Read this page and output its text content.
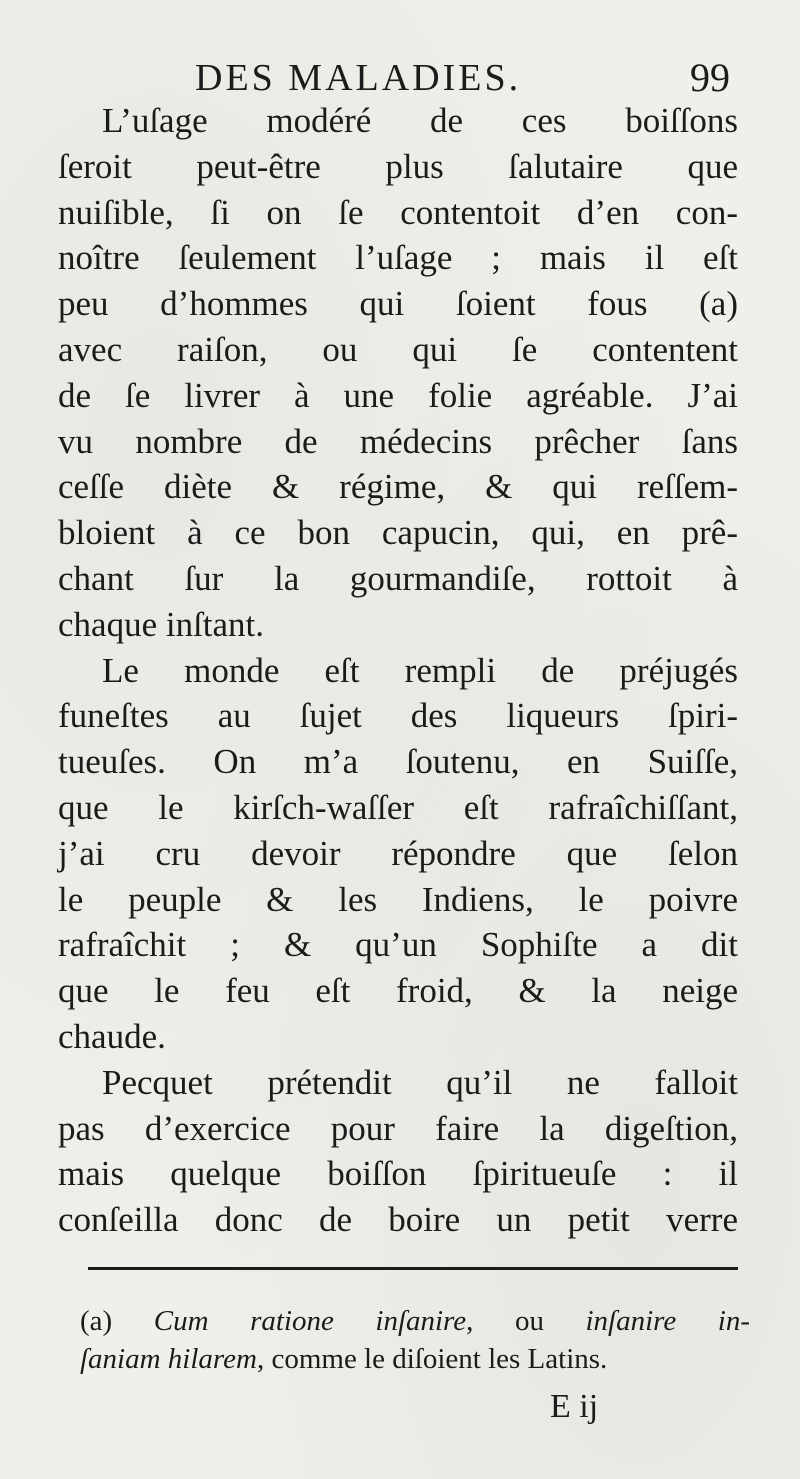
DES MALADIES.	99
L’uſage modéré de ces boiſſons
ſeroit peut-être plus ſalutaire que
nuiſible, ſi on ſe contentoit d’en con-
noître ſeulement l’uſage ; mais il eſt
peu d’hommes qui ſoient fous (a)
avec raiſon, ou qui ſe contentent
de ſe livrer à une folie agréable. J’ai
vu nombre de médecins prêcher ſans
ceſſe diète & régime, & qui reſſem-
bloient à ce bon capucin, qui, en prê-
chant ſur la gourmandiſe, rottoit à
chaque inſtant.
Le monde eſt rempli de préjugés
funeſtes au ſujet des liqueurs ſpiri-
tueuſes. On m’a ſoutenu, en Suiſſe,
que le kirſch-waſſer eſt rafraîchiſſant,
j’ai cru devoir répondre que ſelon
le peuple & les Indiens, le poivre
rafraîchit ; & qu’un Sophiſte a dit
que le feu eſt froid, & la neige
chaude.
Pecquet prétendit qu’il ne falloit
pas d’exercice pour faire la digeſtion,
mais quelque boiſſon ſpiritueuſe : il
conſeilla donc de boire un petit verre
(a) Cum ratione inſanire, ou inſanire in-
ſaniam hilarem, comme le diſoient les Latins.
E ij
